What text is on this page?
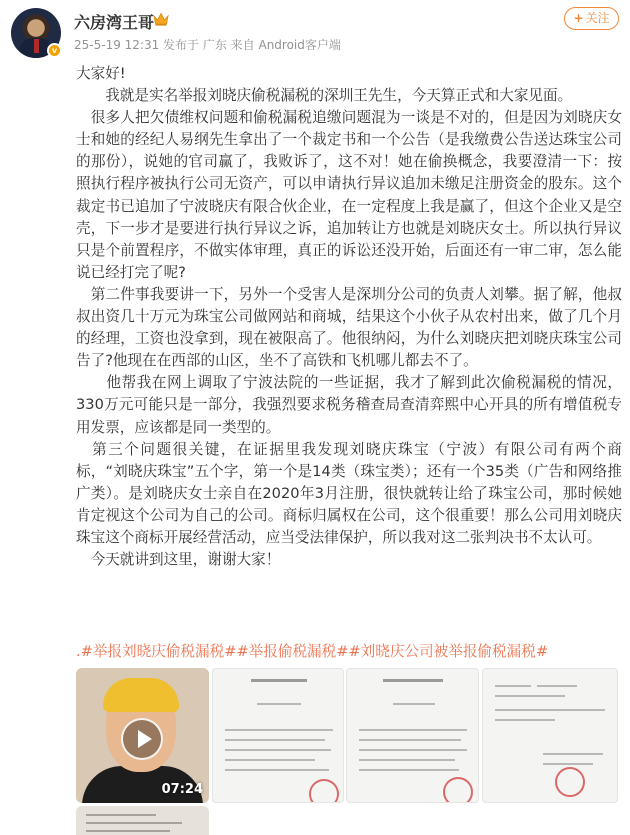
v
六房湾王哥
25-5-19 12:31 发布于 广东 来自 Android客户端
+ 关注

大家好!

　　我就是实名举报刘晓庆偷税漏税的深圳王先生，今天算正式和大家见面。

　很多人把欠债维权问题和偷税漏税追缴问题混为一谈是不对的，但是因为刘晓庆女士和她的经纪人易纲先生拿出了一个裁定书和一个公告（是我缴费公告送达珠宝公司的那份），说她的官司赢了，我败诉了，这不对！她在偷换概念，我要澄清一下：按照执行程序被执行公司无资产，可以申请执行异议追加未缴足注册资金的股东。这个裁定书已追加了宁波晓庆有限合伙企业，在一定程度上我是赢了，但这个企业又是空壳，下一步才是要进行执行异议之诉，追加转让方也就是刘晓庆女士。所以执行异议只是个前置程序，不做实体审理，真正的诉讼还没开始，后面还有一审二审，怎么能说已经打完了呢?

　第二件事我要讲一下，另外一个受害人是深圳分公司的负责人刘攀。据了解，他叔叔出资几十万元为珠宝公司做网站和商城，结果这个小伙子从农村出来，做了几个月的经理，工资也没拿到，现在被限高了。他很纳闷，为什么刘晓庆把刘晓庆珠宝公司告了?他现在在西部的山区，坐不了高铁和飞机哪儿都去不了。

　　他帮我在网上调取了宁波法院的一些证据，我才了解到此次偷税漏税的情况，330万元可能只是一部分，我强烈要求税务稽查局查清弈熙中心开具的所有增值税专用发票，应该都是同一类型的。

　第三个问题很关键，在证据里我发现刘晓庆珠宝（宁波）有限公司有两个商标，“刘晓庆珠宝”五个字，第一个是14类（珠宝类）；还有一个35类（广告和网络推广类）。是刘晓庆女士亲自在2020年3月注册，很快就转让给了珠宝公司，那时候她肯定视这个公司为自己的公司。商标归属权在公司，这个很重要！那么公司用刘晓庆珠宝这个商标开展经营活动，应当受法律保护，所以我对这二张判决书不太认可。

　今天就讲到这里，谢谢大家！

.#举报刘晓庆偷税漏税##举报偷税漏税##刘晓庆公司被举报偷税漏税#
07:24
